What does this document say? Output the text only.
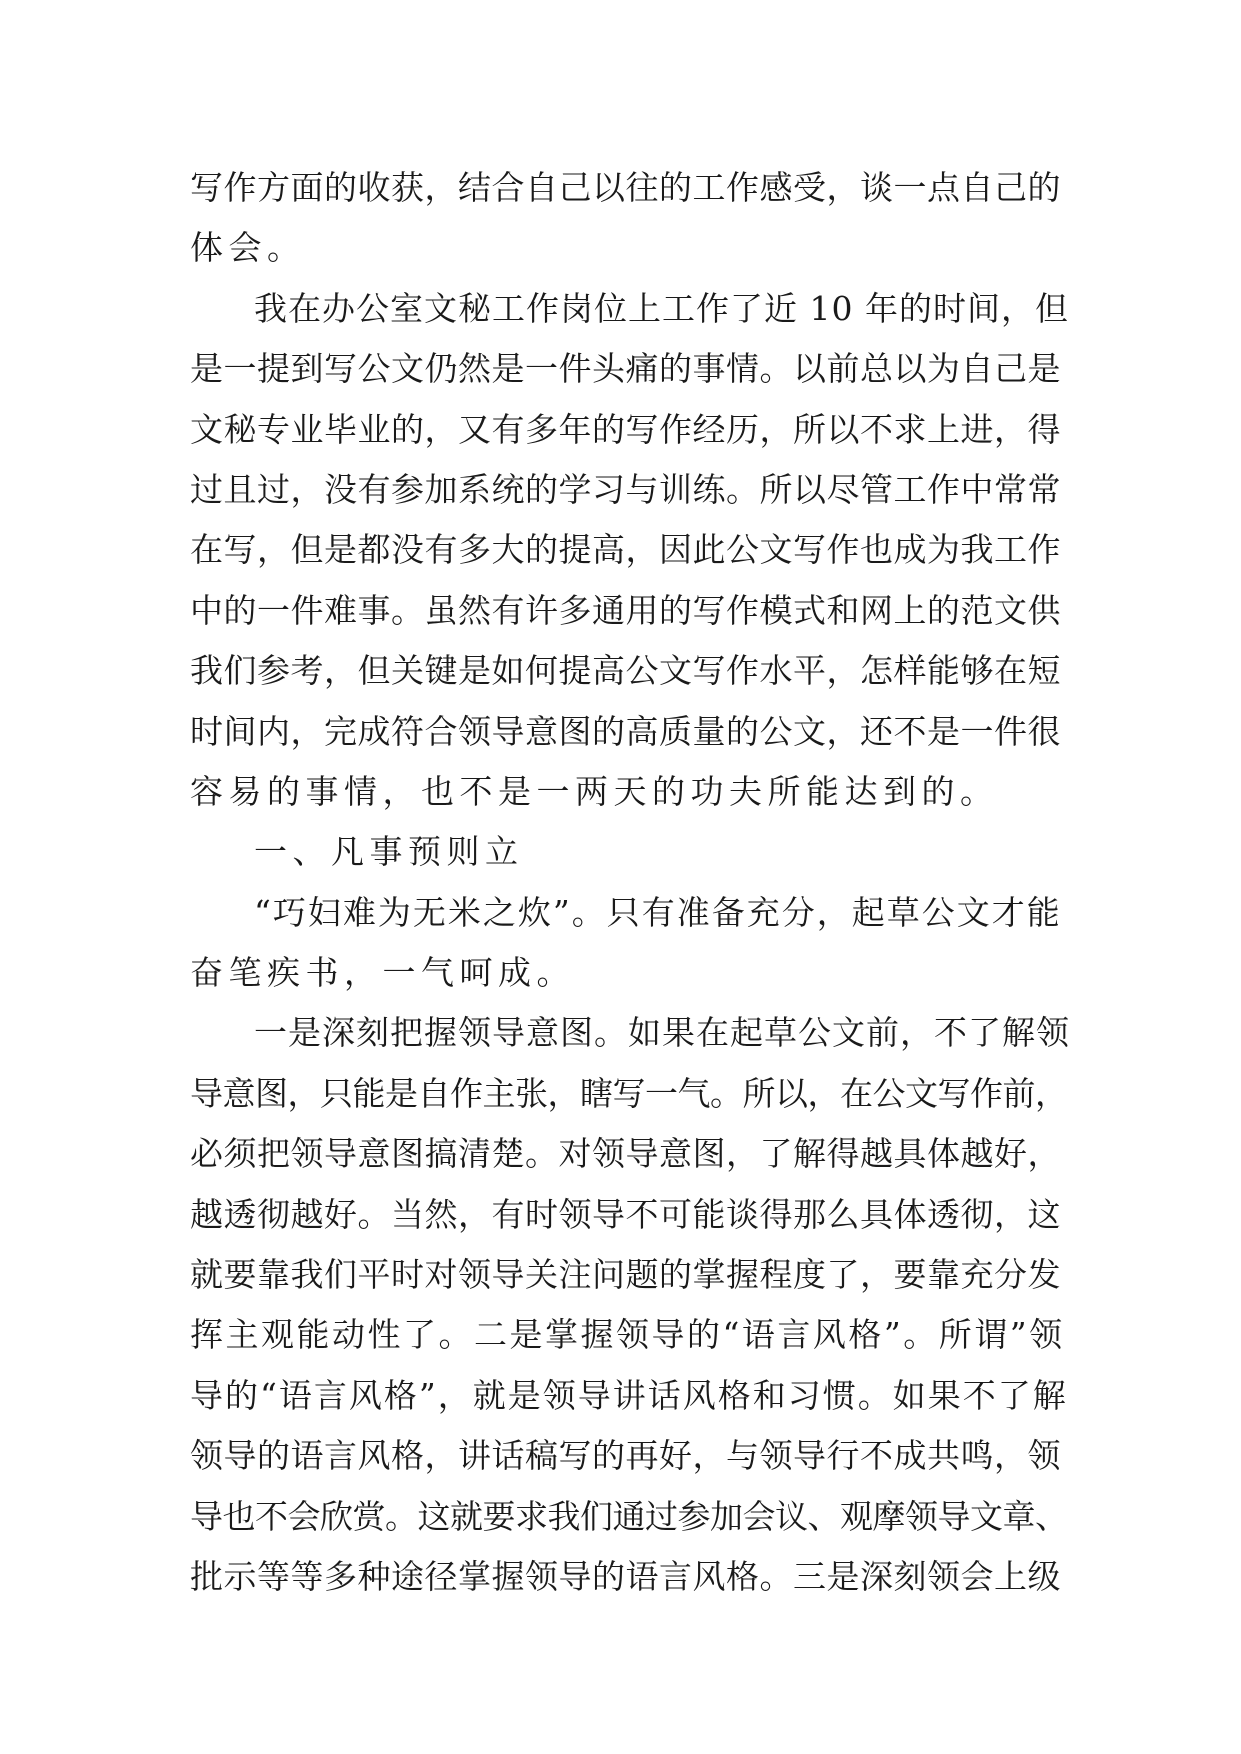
写作方面的收获，结合自己以往的工作感受，谈一点自己的
体会。
我在办公室文秘工作岗位上工作了近 10 年的时间，但
是一提到写公文仍然是一件头痛的事情。以前总以为自己是
文秘专业毕业的，又有多年的写作经历，所以不求上进，得
过且过，没有参加系统的学习与训练。所以尽管工作中常常
在写，但是都没有多大的提高，因此公文写作也成为我工作
中的一件难事。虽然有许多通用的写作模式和网上的范文供
我们参考，但关键是如何提高公文写作水平，怎样能够在短
时间内，完成符合领导意图的高质量的公文，还不是一件很
容易的事情，也不是一两天的功夫所能达到的。
一、凡事预则立
“巧妇难为无米之炊”。只有准备充分，起草公文才能
奋笔疾书，一气呵成。
一是深刻把握领导意图。如果在起草公文前，不了解领
导意图，只能是自作主张，瞎写一气。所以，在公文写作前，
必须把领导意图搞清楚。对领导意图，了解得越具体越好，
越透彻越好。当然，有时领导不可能谈得那么具体透彻，这
就要靠我们平时对领导关注问题的掌握程度了，要靠充分发
挥主观能动性了。二是掌握领导的“语言风格”。所谓”领
导的“语言风格”，就是领导讲话风格和习惯。如果不了解
领导的语言风格，讲话稿写的再好，与领导行不成共鸣，领
导也不会欣赏。这就要求我们通过参加会议、观摩领导文章、
批示等等多种途径掌握领导的语言风格。三是深刻领会上级
